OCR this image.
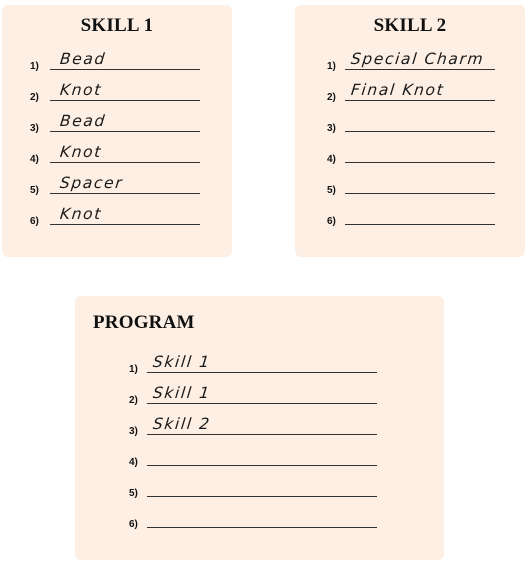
SKILL 1
1) Bead
2) Knot
3) Bead
4) Knot
5) Spacer
6) Knot
SKILL 2
1) Special Charm
2) Final Knot
3)
4)
5)
6)
PROGRAM
1) Skill 1
2) Skill 1
3) Skill 2
4)
5)
6)
